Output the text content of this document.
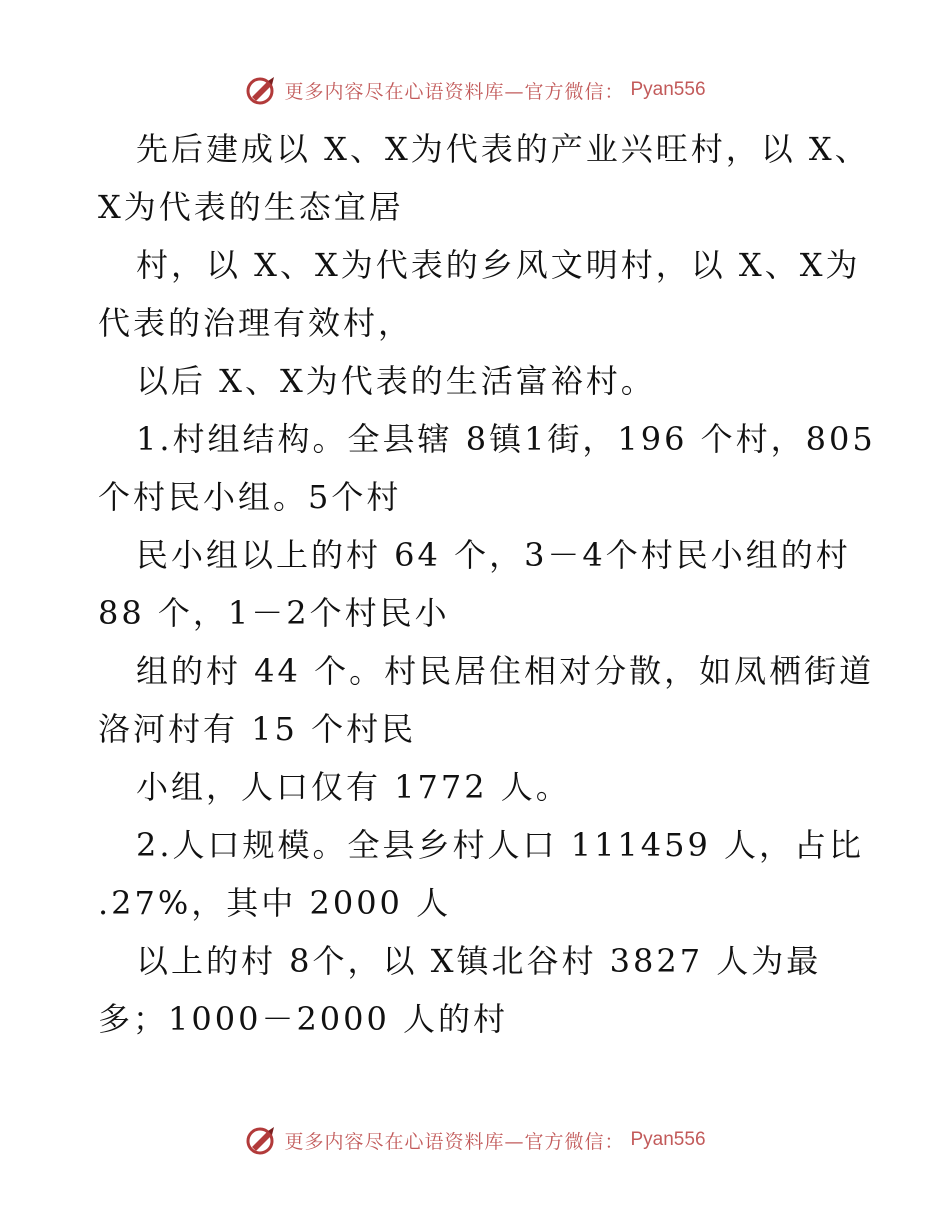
更多内容尽在心语资料库—官方微信： Pyan556
先后建成以 X、X为代表的产业兴旺村，以 X、
X为代表的生态宜居
村，以 X、X为代表的乡风文明村，以 X、X为
代表的治理有效村，
以后 X、X为代表的生活富裕村。
1.村组结构。全县辖 8镇1街，196 个村，805
个村民小组。5个村
民小组以上的村 64 个，3－4个村民小组的村
88 个，1－2个村民小
组的村 44 个。村民居住相对分散，如凤栖街道
洛河村有 15 个村民
小组，人口仅有 1772 人。
2.人口规模。全县乡村人口 111459 人，占比
.27%，其中 2000 人
以上的村 8个，以 X镇北谷村 3827 人为最
多；1000－2000 人的村
更多内容尽在心语资料库—官方微信： Pyan556
